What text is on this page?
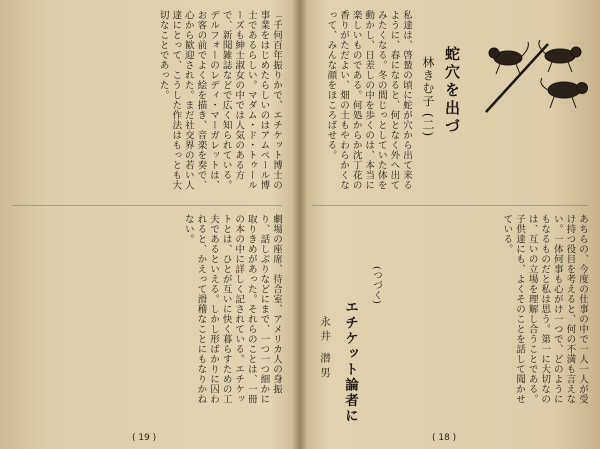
「千何百年振りかで、エチケット博士の事業をはじめたらしいのはアムペール博士であるらしい。マダム・ド・トゥールーズも紳士淑女の中では人気のある方で、新聞雑誌などで広く知られている。デルフォーのレディ・マーガレットは、お客の前でよく絵を描き、音楽を奏で、心から歓迎された。まだ社交界の若い人達にとって、こうした作法はもっとも大切なことであった。
劇場の座席、待合室、アメリカ人の身振り、話しぶりなどにまで、一つ一つ細かに取りきめがあった。それらのことは、一冊の本の中に詳しく記されている。エチケットとは、ひとが互いに快く暮らすための工夫であるといえる。しかし形ばかりに囚われると、かえって滑稽なことにもなりかねない。
( 19 )
蛇穴を出づ
林きむ子 (二)
私達は、啓蟄の頃に蛇が穴から出て来るように、春になると、何となく外へ出てみたくなる。冬の間じっとしていた体を動かし、日差しの中を歩くのは、本当に楽しいものである。何処からか沈丁花の香りがただよい、畑の土もやわらかくなって、みんな顔をほころばせる。
あちらの、今度の仕事の中で一人一人が受け持つ役目を考えると、何の不満も言えない。一体何事も心がけ一つで、どのようにもなるものだと私は思う。第一に大切なのは、互いの立場を理解し合うことである。子供達にも、よくそのことを話して聞かせている。
永井 潜男 エチケット論者に
(つづく)
( 18 )
